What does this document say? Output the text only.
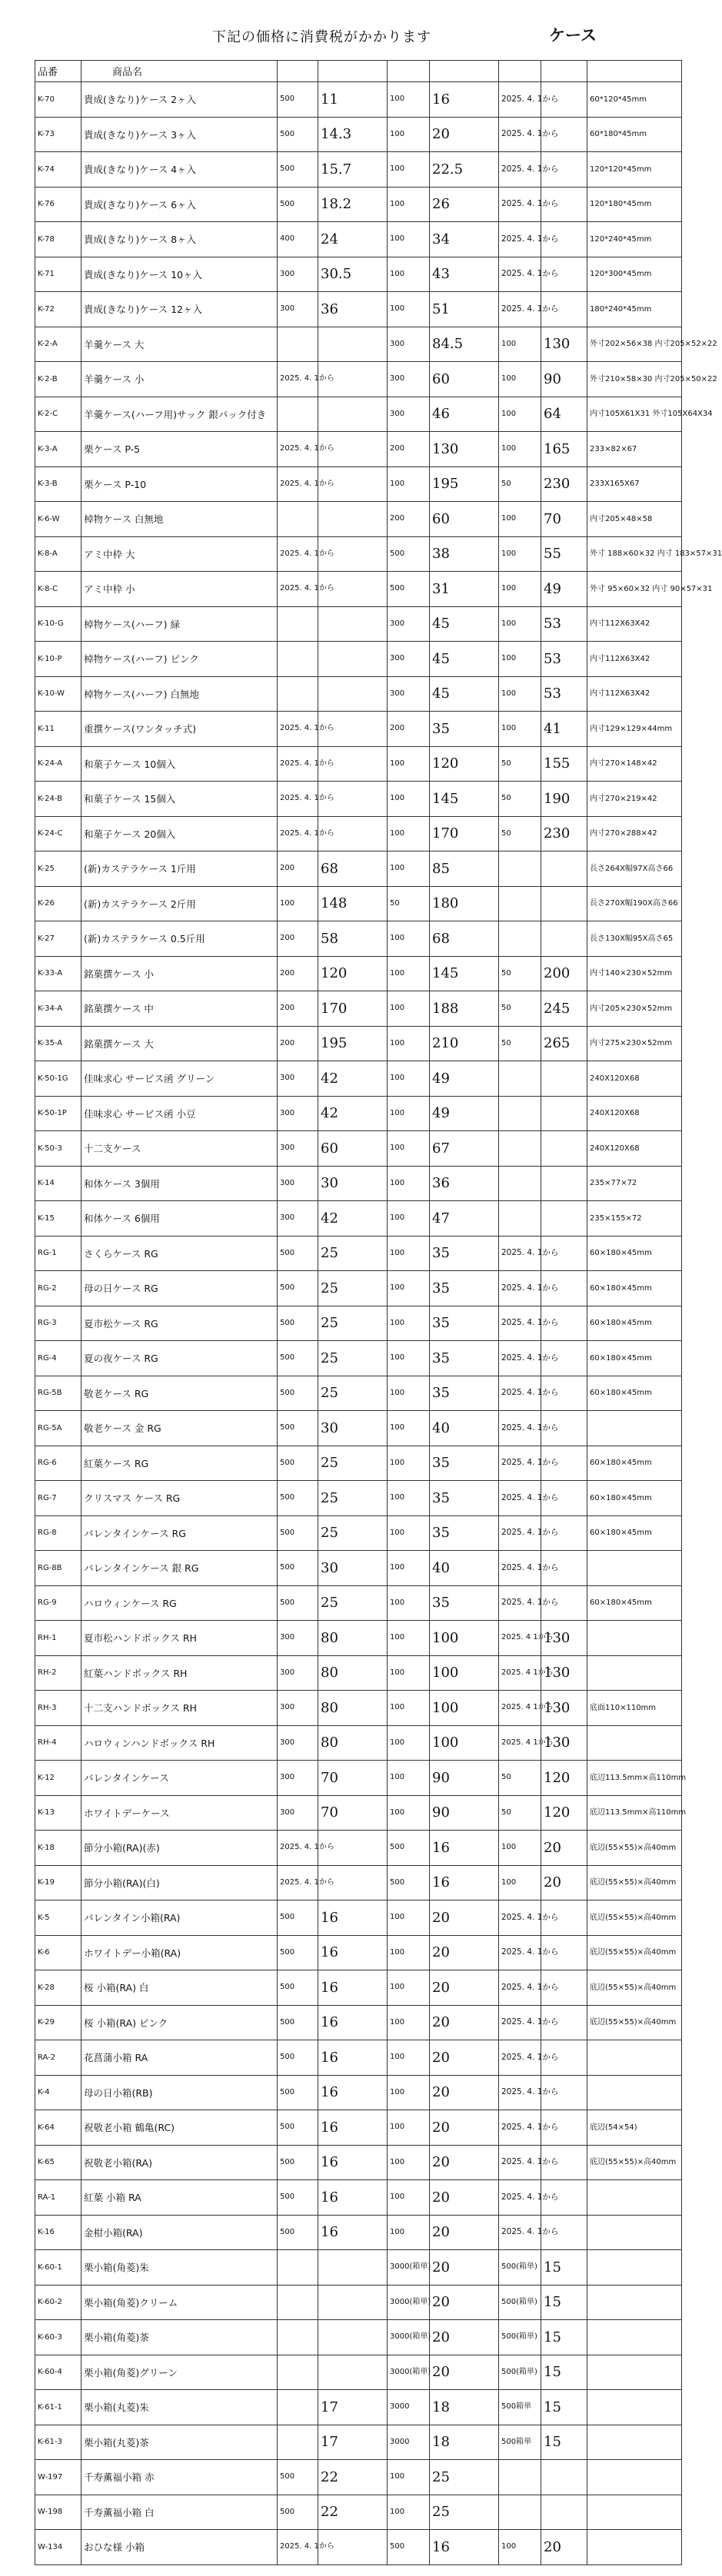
下記の価格に消費税がかかります	ケース
品番	商品名							
K-70	貴成(きなり)ケース 2ヶ入	500	11	100	16	2025. 4. 1から		60*120*45mm
K-73	貴成(きなり)ケース 3ヶ入	500	14.3	100	20	2025. 4. 1から		60*180*45mm
K-74	貴成(きなり)ケース 4ヶ入	500	15.7	100	22.5	2025. 4. 1から		120*120*45mm
K-76	貴成(きなり)ケース 6ヶ入	500	18.2	100	26	2025. 4. 1から		120*180*45mm
K-78	貴成(きなり)ケース 8ヶ入	400	24	100	34	2025. 4. 1から		120*240*45mm
K-71	貴成(きなり)ケース 10ヶ入	300	30.5	100	43	2025. 4. 1から		120*300*45mm
K-72	貴成(きなり)ケース 12ヶ入	300	36	100	51	2025. 4. 1から		180*240*45mm
K-2-A	羊羹ケース 大			300	84.5	100	130	外寸202×56×38 内寸205×52×22
K-2-B	羊羹ケース 小	2025. 4. 1から		300	60	100	90	外寸210×58×30 内寸205×50×22
K-2-C	羊羹ケース(ハーフ用)サック 銀パック付き			300	46	100	64	内寸105X61X31 外寸105X64X34
K-3-A	栗ケース P-5	2025. 4. 1から		200	130	100	165	233×82×67
K-3-B	栗ケース P-10	2025. 4. 1から		100	195	50	230	233X165X67
K-6-W	棹物ケース 白無地			200	60	100	70	内寸205×48×58
K-8-A	アミ中枠 大	2025. 4. 1から		500	38	100	55	外寸 188×60×32 内寸 183×57×31
K-8-C	アミ中枠 小	2025. 4. 1から		500	31	100	49	外寸 95×60×32 内寸 90×57×31
K-10-G	棹物ケース(ハーフ) 緑			300	45	100	53	内寸112X63X42
K-10-P	棹物ケース(ハーフ) ピンク			300	45	100	53	内寸112X63X42
K-10-W	棹物ケース(ハーフ) 白無地			300	45	100	53	内寸112X63X42
K-11	重撰ケース(ワンタッチ式)	2025. 4. 1から		200	35	100	41	内寸129×129×44mm
K-24-A	和菓子ケース 10個入	2025. 4. 1から		100	120	50	155	内寸270×148×42
K-24-B	和菓子ケース 15個入	2025. 4. 1から		100	145	50	190	内寸270×219×42
K-24-C	和菓子ケース 20個入	2025. 4. 1から		100	170	50	230	内寸270×288×42
K-25	(新)カステラケース 1斤用	200	68	100	85			長さ264X幅97X高さ66
K-26	(新)カステラケース 2斤用	100	148	50	180			長さ270X幅190X高さ66
K-27	(新)カステラケース 0.5斤用	200	58	100	68			長さ130X幅95X高さ65
K-33-A	銘菓撰ケース 小	200	120	100	145	50	200	内寸140×230×52mm
K-34-A	銘菓撰ケース 中	200	170	100	188	50	245	内寸205×230×52mm
K-35-A	銘菓撰ケース 大	200	195	100	210	50	265	内寸275×230×52mm
K-50-1G	佳味求心 サービス函 グリーン	300	42	100	49			240X120X68
K-50-1P	佳味求心 サービス函 小豆	300	42	100	49			240X120X68
K-50-3	十二支ケース	300	60	100	67			240X120X68
K-14	和体ケース 3個用	300	30	100	36			235×77×72
K-15	和体ケース 6個用	300	42	100	47			235×155×72
RG-1	さくらケース RG	500	25	100	35	2025. 4. 1から		60×180×45mm
RG-2	母の日ケース RG	500	25	100	35	2025. 4. 1から		60×180×45mm
RG-3	夏市松ケース RG	500	25	100	35	2025. 4. 1から		60×180×45mm
RG-4	夏の夜ケース RG	500	25	100	35	2025. 4. 1から		60×180×45mm
RG-5B	敬老ケース RG	500	25	100	35	2025. 4. 1から		60×180×45mm
RG-5A	敬老ケース 金 RG	500	30	100	40	2025. 4. 1から		
RG-6	紅葉ケース RG	500	25	100	35	2025. 4. 1から		60×180×45mm
RG-7	クリスマス ケース RG	500	25	100	35	2025. 4. 1から		60×180×45mm
RG-8	バレンタインケース RG	500	25	100	35	2025. 4. 1から		60×180×45mm
RG-8B	バレンタインケース 銀 RG	500	30	100	40	2025. 4. 1から		
RG-9	ハロウィンケース RG	500	25	100	35	2025. 4. 1から		60×180×45mm
RH-1	夏市松ハンドボックス RH	300	80	100	100	2025. 4 1から	130	
RH-2	紅葉ハンドボックス RH	300	80	100	100	2025. 4 1から	130	
RH-3	十二支ハンドボックス RH	300	80	100	100	2025. 4 1から	130	底面110×110mm
RH-4	ハロウィンハンドボックス RH	300	80	100	100	2025. 4 1から	130	
K-12	バレンタインケース	300	70	100	90	50	120	底辺113.5mm×高110mm
K-13	ホワイトデーケース	300	70	100	90	50	120	底辺113.5mm×高110mm
K-18	節分小箱(RA)(赤)	2025. 4. 1から		500	16	100	20	底辺(55×55)×高40mm
K-19	節分小箱(RA)(白)	2025. 4. 1から		500	16	100	20	底辺(55×55)×高40mm
K-5	バレンタイン小箱(RA)	500	16	100	20	2025. 4. 1から		底辺(55×55)×高40mm
K-6	ホワイトデー小箱(RA)	500	16	100	20	2025. 4. 1から		底辺(55×55)×高40mm
K-28	桜 小箱(RA) 白	500	16	100	20	2025. 4. 1から		底辺(55×55)×高40mm
K-29	桜 小箱(RA) ピンク	500	16	100	20	2025. 4. 1から		底辺(55×55)×高40mm
RA-2	花菖蒲小箱 RA	500	16	100	20	2025. 4. 1から		
K-4	母の日小箱(RB)	500	16	100	20	2025. 4. 1から		
K-64	祝敬老小箱 鶴亀(RC)	500	16	100	20	2025. 4. 1から		底辺(54×54)
K-65	祝敬老小箱(RA)	500	16	100	20	2025. 4. 1から		底辺(55×55)×高40mm
RA-1	紅葉 小箱 RA	500	16	100	20	2025. 4. 1から		
K-16	金柑小箱(RA)	500	16	100	20	2025. 4. 1から		
K-60-1	栗小箱(角菱)朱			3000(箱単)	20	500(箱単)	15	
K-60-2	栗小箱(角菱)クリーム			3000(箱単)	20	500(箱単)	15	
K-60-3	栗小箱(角菱)茶			3000(箱単)	20	500(箱単)	15	
K-60-4	栗小箱(角菱)グリーン			3000(箱単)	20	500(箱単)	15	
K-61-1	栗小箱(丸菱)朱		17	3000	18	500箱単	15	
K-61-3	栗小箱(丸菱)茶		17	3000	18	500箱単	15	
W-197	千寿薫福小箱 赤	500	22	100	25			
W-198	千寿薫福小箱 白	500	22	100	25			
W-134	おひな様 小箱	2025. 4. 1から		500	16	100	20	
